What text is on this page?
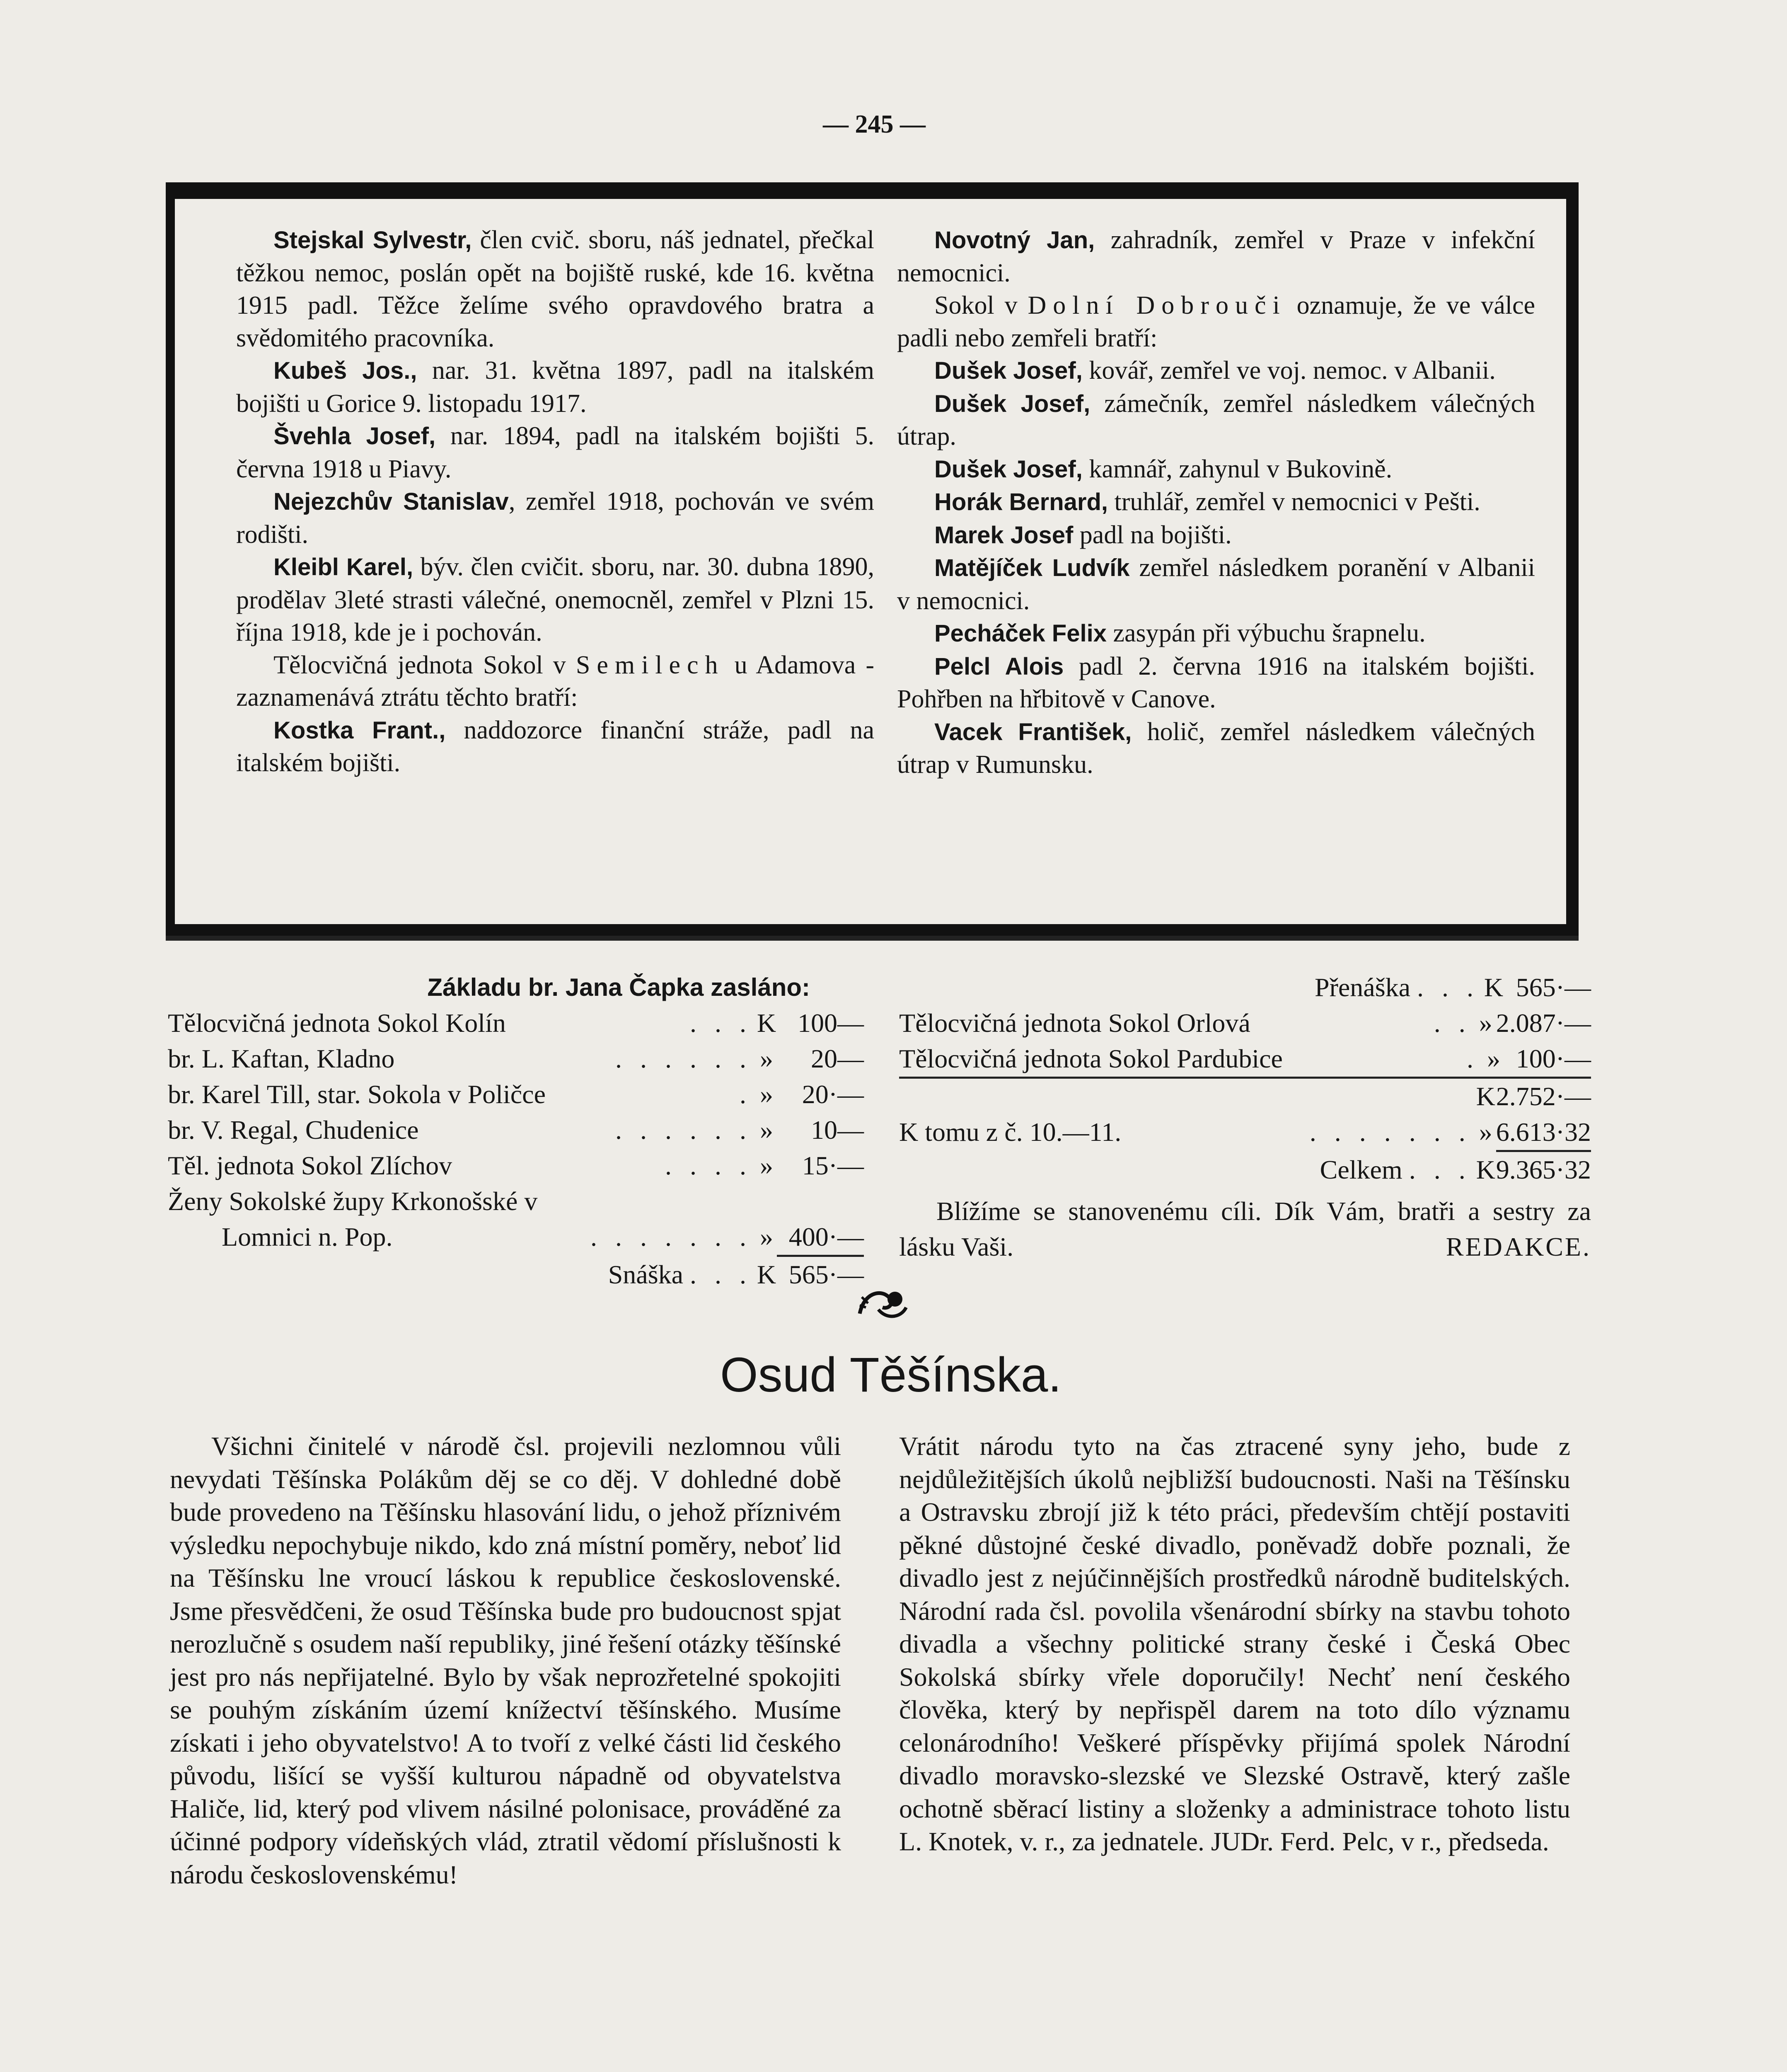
— 245 —

Stejskal Sylvestr, člen cvič. sboru, náš jednatel, přečkal těžkou nemoc, poslán opět na bojiště ruské, kde 16. května 1915 padl. Těžce želíme svého opravdového bratra a svědomitého pracovníka.

Kubeš Jos., nar. 31. května 1897, padl na italském bojišti u Gorice 9. listopadu 1917.

Švehla Josef, nar. 1894, padl na italském bojišti 5. června 1918 u Piavy.

Nejezchův Stanislav, zemřel 1918, pochován ve svém rodišti.

Kleibl Karel, býv. člen cvičit. sboru, nar. 30. dubna 1890, prodělav 3leté strasti válečné, onemocněl, zemřel v Plzni 15. října 1918, kde je i pochován.

Tělocvičná jednota Sokol v Semilech u Adamova - zaznamenává ztrátu těchto bratří:

Kostka Frant., naddozorce finanční stráže, padl na italském bojišti.

Novotný Jan, zahradník, zemřel v Praze v infekční nemocnici.

Sokol v Dolní Dobrouči oznamuje, že ve válce padli nebo zemřeli bratří:

Dušek Josef, kovář, zemřel ve voj. nemoc. v Albanii.

Dušek Josef, zámečník, zemřel následkem válečných útrap.

Dušek Josef, kamnář, zahynul v Bukovině.

Horák Bernard, truhlář, zemřel v nemocnici v Pešti.

Marek Josef padl na bojišti.

Matějíček Ludvík zemřel následkem poranění v Albanii v nemocnici.

Pecháček Felix zasypán při výbuchu šrapnelu.

Pelcl Alois padl 2. června 1916 na italském bojišti. Pohřben na hřbitově v Canove.

Vacek František, holič, zemřel následkem válečných útrap v Rumunsku.

Základu br. Jana Čapka zasláno:
Tělocvičná jednota Sokol Kolín	. . . K 100—
br. L. Kaftan, Kladno	. . . . . . »	20—
br. Karel Till, star. Sokola v Poličce	. »	20·—
br. V. Regal, Chudenice	. . . . . . »	10—
Těl. jednota Sokol Zlíchov	. . . . »	15·—
Ženy Sokolské župy Krkonošské v
Lomnici n. Pop.	. . . . . . . » 400·—
Snáška . . . K 565·—
Přenáška . . . K 565·—
Tělocvičná jednota Sokol Orlová	. . » 2.087·—
Tělocvičná jednota Sokol Pardubice	. » 100·—
K 2.752·—
K tomu z č. 10.—11.	. . . . . . . » 6.613·32
Celkem . . . K 9.365·32

Blížíme se stanovenému cíli. Dík Vám, bratři a sestry za lásku Vaši.	REDAKCE.

Osud Těšínska.

Všichni činitelé v národě čsl. projevili nezlomnou vůli nevydati Těšínska Polákům děj se co děj. V dohledné době bude provedeno na Těšínsku hlasování lidu, o jehož příznivém výsledku nepochybuje nikdo, kdo zná místní poměry, neboť lid na Těšínsku lne vroucí láskou k republice československé. Jsme přesvědčeni, že osud Těšínska bude pro budoucnost spjat nerozlučně s osudem naší republiky, jiné řešení otázky těšínské jest pro nás nepřijatelné. Bylo by však neprozřetelné spokojiti se pouhým získáním území knížectví těšínského. Musíme získati i jeho obyvatelstvo! A to tvoří z velké části lid českého původu, lišící se vyšší kulturou nápadně od obyvatelstva Haliče, lid, který pod vlivem násilné polonisace, prováděné za účinné podpory vídeňských vlád, ztratil vědomí příslušnosti k národu československému!

Vrátit národu tyto na čas ztracené syny jeho, bude z nejdůležitějších úkolů nejbližší budoucnosti. Naši na Těšínsku a Ostravsku zbrojí již k této práci, především chtějí postaviti pěkné důstojné české divadlo, poněvadž dobře poznali, že divadlo jest z nejúčinnějších prostředků národně buditelských. Národní rada čsl. povolila všenárodní sbírky na stavbu tohoto divadla a všechny politické strany české i Česká Obec Sokolská sbírky vřele doporučily! Nechť není českého člověka, který by nepřispěl darem na toto dílo významu celonárodního! Veškeré příspěvky přijímá spolek Národní divadlo moravsko-slezské ve Slezské Ostravě, který zašle ochotně sběrací listiny a složenky a administrace tohoto listu L. Knotek, v. r., za jednatele. JUDr. Ferd. Pelc, v r., předseda.
